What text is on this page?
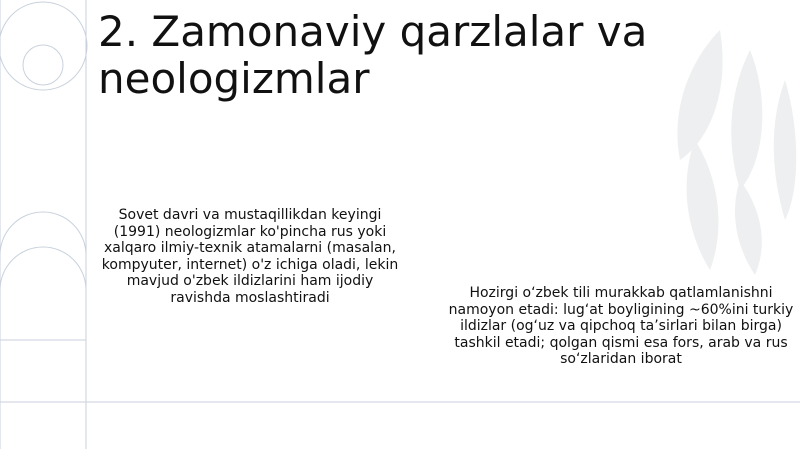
2. Zamonaviy qarzlalar va neologizmlar
Sovet davri va mustaqillikdan keyingi (1991) neologizmlar ko'pincha rus yoki xalqaro ilmiy-texnik atamalarni (masalan, kompyuter, internet) o'z ichiga oladi, lekin mavjud o'zbek ildizlarini ham ijodiy ravishda moslashtiradi	Hozirgi o‘zbek tili murakkab qatlamlanishni namoyon etadi: lug‘at boyligining ~60%ini turkiy ildizlar (og‘uz va qipchoq ta’sirlari bilan birga) tashkil etadi; qolgan qismi esa fors, arab va rus so‘zlaridan iborat
